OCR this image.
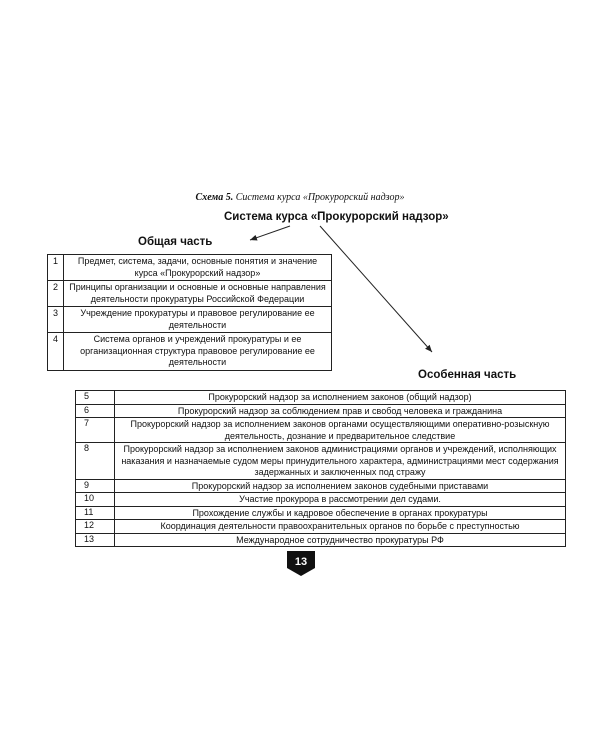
Схема 5. Система курса «Прокурорский надзор»
Система курса «Прокурорский надзор»
Общая часть
1	Предмет, система, задачи, основные понятия и значение курса «Прокурорский надзор»
2	Принципы организации и основные и основные направления деятельности прокуратуры Российской Федерации
3	Учреждение прокуратуры и правовое регулирование ее деятельности
4	Система органов и учреждений прокуратуры и ее организационная структура правовое регулирование ее деятельности
Особенная часть
5	Прокурорский надзор за исполнением законов (общий надзор)
6	Прокурорский надзор за соблюдением прав и свобод человека и гражданина
7	Прокурорский надзор за исполнением законов органами осуществляющими оперативно-розыскную деятельность, дознание и предварительное следствие
8	Прокурорский надзор за исполнением законов администрациями органов и учреждений, исполняющих наказания и назначаемые судом меры принудительного характера, администрациями мест содержания задержанных и заключенных под стражу
9	Прокурорский надзор за исполнением законов судебными приставами
10	Участие прокурора в рассмотрении дел судами.
11	Прохождение службы и кадровое обеспечение в органах прокуратуры
12	Координация деятельности правоохранительных органов по борьбе с преступностью
13	Международное сотрудничество прокуратуры РФ
13
